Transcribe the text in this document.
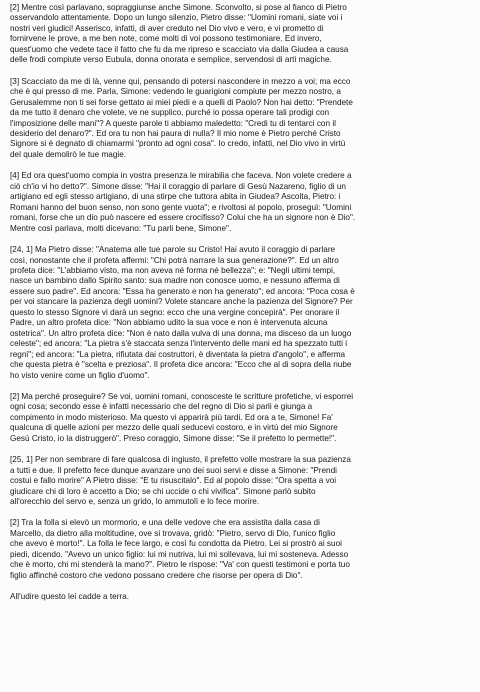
[2] Mentre così parlavano, sopraggiunse anche Simone. Sconvolto, si pose al fianco di Pietro
osservandolo attentamente. Dopo un lungo silenzio, Pietro disse: "Uomini romani, siate voi i
nostri veri giudici! Asserisco, infatti, di aver creduto nel Dio vivo e vero, e vi prometto di
fornirvene le prove, a me ben note, come molti di voi possono testimoniare. Ed invero,
quest'uomo che vedete tace il fatto che fu da me ripreso e scacciato via dalla Giudea a causa
delle frodi compiute verso Eubula, donna onorata e semplice, servendosi di arti magiche.

[3] Scacciato da me di là, venne qui, pensando di potersi nascondere in mezzo a voi; ma ecco
che è qui presso di me. Parla, Simone: vedendo le guarigioni compiute per mezzo nostro, a
Gerusalemme non ti sei forse gettato ai miei piedi e a quelli di Paolo? Non hai detto: "Prendete
da me tutto il denaro che volete, ve ne supplico, purché io possa operare tali prodigi con
l'imposizione delle mani"? A queste parole ti abbiamo maledetto: "Credi tu di tentarci con il
desiderio del denaro?". Ed ora tu non hai paura di nulla? Il mio nome è Pietro perché Cristo
Signore si è degnato di chiamarmi "pronto ad ogni cosa". Io credo, infatti, nel Dio vivo in virtù
del quale demolirò le tue magie.

[4] Ed ora quest'uomo compia in vostra presenza le mirabilia che faceva. Non volete credere a
ciò ch'io vi ho detto?". Simone disse: "Hai il coraggio di parlare di Gesù Nazareno, figlio di un
artigiano ed egli stesso artigiano, di una stirpe che tuttora abita in Giudea? Ascolta, Pietro: i
Romani hanno del buon senso, non sono gente vuota"; e rivoltosi al popolo, proseguì: "Uomini
romani, forse che un dio può nascere ed essere crocifisso? Colui che ha un signore non è Dio".
Mentre così parlava, molti dicevano: "Tu parli bene, Simone".

[24, 1] Ma Pietro disse: "Anatema alle tue parole su Cristo! Hai avuto il coraggio di parlare
così, nonostante che il profeta affermi: "Chi potrà narrare la sua generazione?". Ed un altro
profeta dice: "L'abbiamo visto, ma non aveva né forma né bellezza"; e: "Negli ultimi tempi,
nasce un bambino dallo Spirito santo: sua madre non conosce uomo, e nessuno afferma di
essere suo padre". Ed ancora: "Essa ha generato e non ha generato"; ed ancora: "Poca cosa è
per voi stancare la pazienza degli uomini? Volete stancare anche la pazienza del Signore? Per
questo lo stesso Signore vi darà un segno: ecco che una vergine concepirà". Per onorare il
Padre, un altro profeta dice: "Non abbiamo udito la sua voce e non è intervenuta alcuna
ostetrica". Un altro profeta dice: "Non è nato dalla vulva di una donna, ma disceso da un luogo
celeste"; ed ancora: "La pietra s'è staccata senza l'intervento delle mani ed ha spezzato tutti i
regni"; ed ancora: "La pietra, rifiutata dai costruttori, è diventata la pietra d'angolo", e afferma
che questa pietra è "scelta e preziosa". Il profeta dice ancora: "Ecco che al di sopra della nube
ho visto venire come un figlio d'uomo".

[2] Ma perché proseguire? Se voi, uomini romani, conosceste le scritture profetiche, vi esporrei
ogni cosa; secondo esse è infatti necessario che del regno di Dio si parli e giunga a
compimento in modo misterioso. Ma questo vi apparirà più tardi. Ed ora a te, Simone! Fa'
qualcuna di quelle azioni per mezzo delle quali seducevi costoro, e in virtù del mio Signore
Gesù Cristo, io la distruggerò". Preso coraggio, Simone disse: "Se il prefetto lo permette!".

[25, 1] Per non sembrare di fare qualcosa di ingiusto, il prefetto volle mostrare la sua pazienza
a tutti e due. Il prefetto fece dunque avanzare uno dei suoi servi e disse a Simone: "Prendi
costui e fallo morire" A Pietro disse: "E tu risuscitalo". Ed al popolo disse: "Ora spetta a voi
giudicare chi di loro è accetto a Dio; se chi uccide o chi vivifica". Simone parlò subito
all'orecchio del servo e, senza un grido, lo ammutolì e lo fece morire.

[2] Tra la folla si elevò un mormorio, e una delle vedove che era assistita dalla casa di
Marcello, da dietro alla moltitudine, ove si trovava, gridò: "Pietro, servo di Dio, l'unico figlio
che avevo è morto!". La folla le fece largo, e così fu condotta da Pietro. Lei si prostrò ai suoi
piedi, dicendo. "Avevo un unico figlio: lui mi nutriva, lui mi sollevava, lui mi sosteneva. Adesso
che è morto, chi mi stenderà la mano?". Pietro le rispose: "Va' con questi testimoni e porta tuo
figlio affinché costoro che vedono possano credere che risorse per opera di Dio".

All'udire questo lei cadde a terra.
